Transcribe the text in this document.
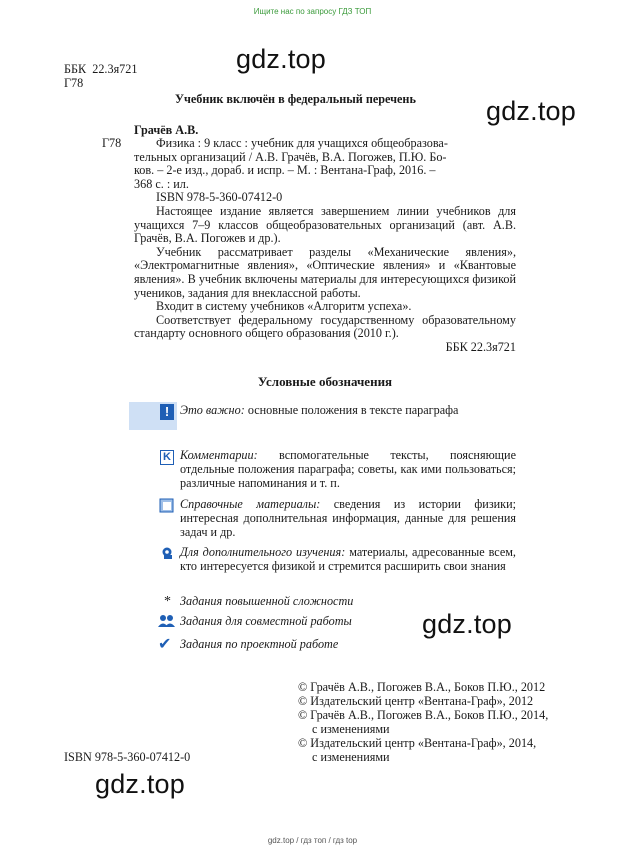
Ищите нас по запросу ГДЗ ТОП
gdz.top
gdz.top
gdz.top
gdz.top
ББК 22.3я721
Г78
Учебник включён в федеральный перечень
Г78
Грачёв А.В.
Физика : 9 класс : учебник для учащихся общеобразова-
тельных организаций / А.В. Грачёв, В.А. Погожев, П.Ю. Бо-
ков. – 2-е изд., дораб. и испр. – М. : Вентана-Граф, 2016. –
368 с. : ил.
ISBN 978-5-360-07412-0
Настоящее издание является завершением линии учебников для учащихся 7–9 классов общеобразовательных организаций (авт. А.В. Грачёв, В.А. Погожев и др.).
Учебник рассматривает разделы «Механические явления», «Электромагнитные явления», «Оптические явления» и «Квантовые явления». В учебник включены материалы для интересующихся физикой учеников, задания для внеклассной работы.
Входит в систему учебников «Алгоритм успеха».
Соответствует федеральному государственному образовательному стандарту основного общего образования (2010 г.).
ББК 22.3я721
Условные обозначения
! Это важно: основные положения в тексте параграфа
K Комментарии: вспомогательные тексты, поясняющие отдельные положения параграфа; советы, как ими пользоваться; различные напоминания и т. п.
Справочные материалы: сведения из истории физики; интересная дополнительная информация, данные для решения задач и др.
Для дополнительного изучения: материалы, адресованные всем, кто интересуется физикой и стремится расширить свои знания
* Задания повышенной сложности
Задания для совместной работы
✔ Задания по проектной работе
© Грачёв А.В., Погожев В.А., Боков П.Ю., 2012
© Издательский центр «Вентана-Граф», 2012
© Грачёв А.В., Погожев В.А., Боков П.Ю., 2014,
с изменениями
© Издательский центр «Вентана-Граф», 2014,
с изменениями
ISBN 978-5-360-07412-0
gdz.top / гдз топ / гдз top
